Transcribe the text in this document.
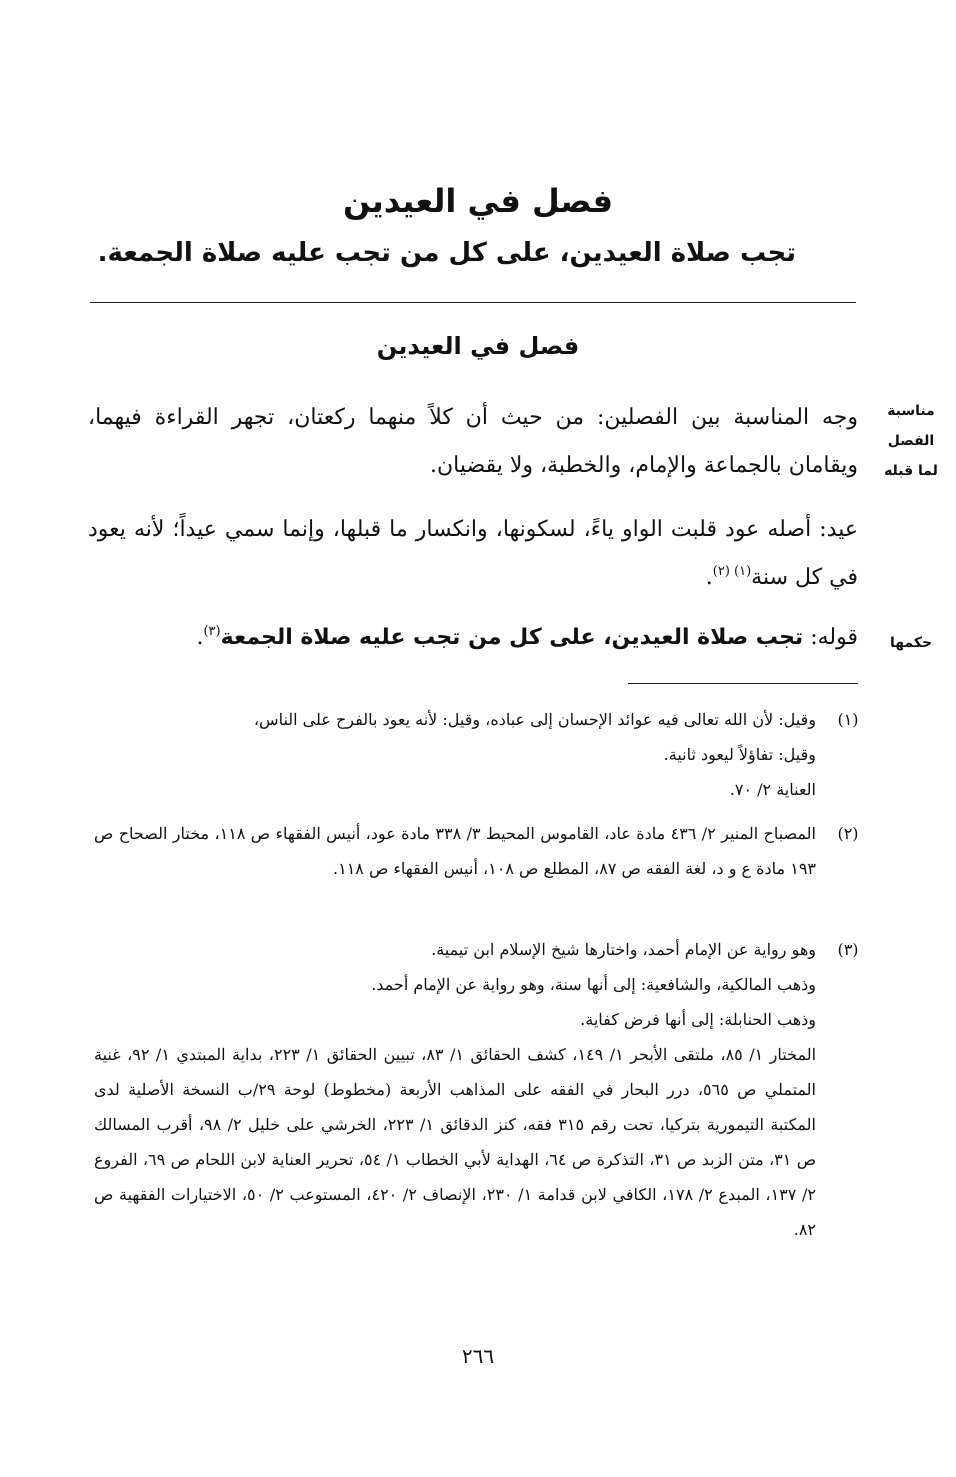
فصل في العيدين

تجب صلاة العيدين، على كل من تجب عليه صلاة الجمعة.

فصل في العيدين

مناسبة
الفصل
لما قبله

وجه المناسبة بين الفصلين: من حيث أن كلاً منهما ركعتان، تجهر القراءة فيهما، ويقامان بالجماعة والإمام، والخطبة، ولا يقضيان.

عيد: أصله عود قلبت الواو ياءً، لسكونها، وانكسار ما قبلها، وإنما سمي عيداً؛ لأنه يعود في كل سنة$^{(١) (٢)}$.

حكمها

قوله: تجب صلاة العيدين، على كل من تجب عليه صلاة الجمعة$^{(٣)}$.

(١)

وقيل: لأن الله تعالى فيه عوائد الإحسان إلى عباده، وقيل: لأنه يعود بالفرح على الناس،

وقيل: تفاؤلاً ليعود ثانية.

العناية ٢/ ٧٠.

(٢)

المصباح المنير ٢/ ٤٣٦ مادة عاد، القاموس المحيط ٣/ ٣٣٨ مادة عود، أنيس الفقهاء ص ١١٨، مختار الصحاح ص ١٩٣ مادة ع و د، لغة الفقه ص ٨٧، المطلع ص ١٠٨، أنيس الفقهاء ص ١١٨.

(٣)

وهو رواية عن الإمام أحمد، واختارها شيخ الإسلام ابن تيمية.

وذهب المالكية، والشافعية: إلى أنها سنة، وهو رواية عن الإمام أحمد.

وذهب الحنابلة: إلى أنها فرض كفاية.

المختار ١/ ٨٥، ملتقى الأبحر ١/ ١٤٩، كشف الحقائق ١/ ٨٣، تبيين الحقائق ١/ ٢٢٣، بداية المبتدي ١/ ٩٢، غنية المتملي ص ٥٦٥، درر البحار في الفقه على المذاهب الأربعة (مخطوط) لوحة ٢٩/ب النسخة الأصلية لدى المكتبة التيمورية بتركيا، تحت رقم ٣١٥ فقه، كنز الدقائق ١/ ٢٢٣، الخرشي على خليل ٢/ ٩٨، أقرب المسالك ص ٣١، متن الزبد ص ٣١، التذكرة ص ٦٤، الهداية لأبي الخطاب ١/ ٥٤، تحرير العناية لابن اللحام ص ٦٩، الفروع ٢/ ١٣٧، المبدع ٢/ ١٧٨، الكافي لابن قدامة ١/ ٢٣٠، الإنصاف ٢/ ٤٢٠، المستوعب ٢/ ٥٠، الاختيارات الفقهية ص ٨٢.

٢٦٦
